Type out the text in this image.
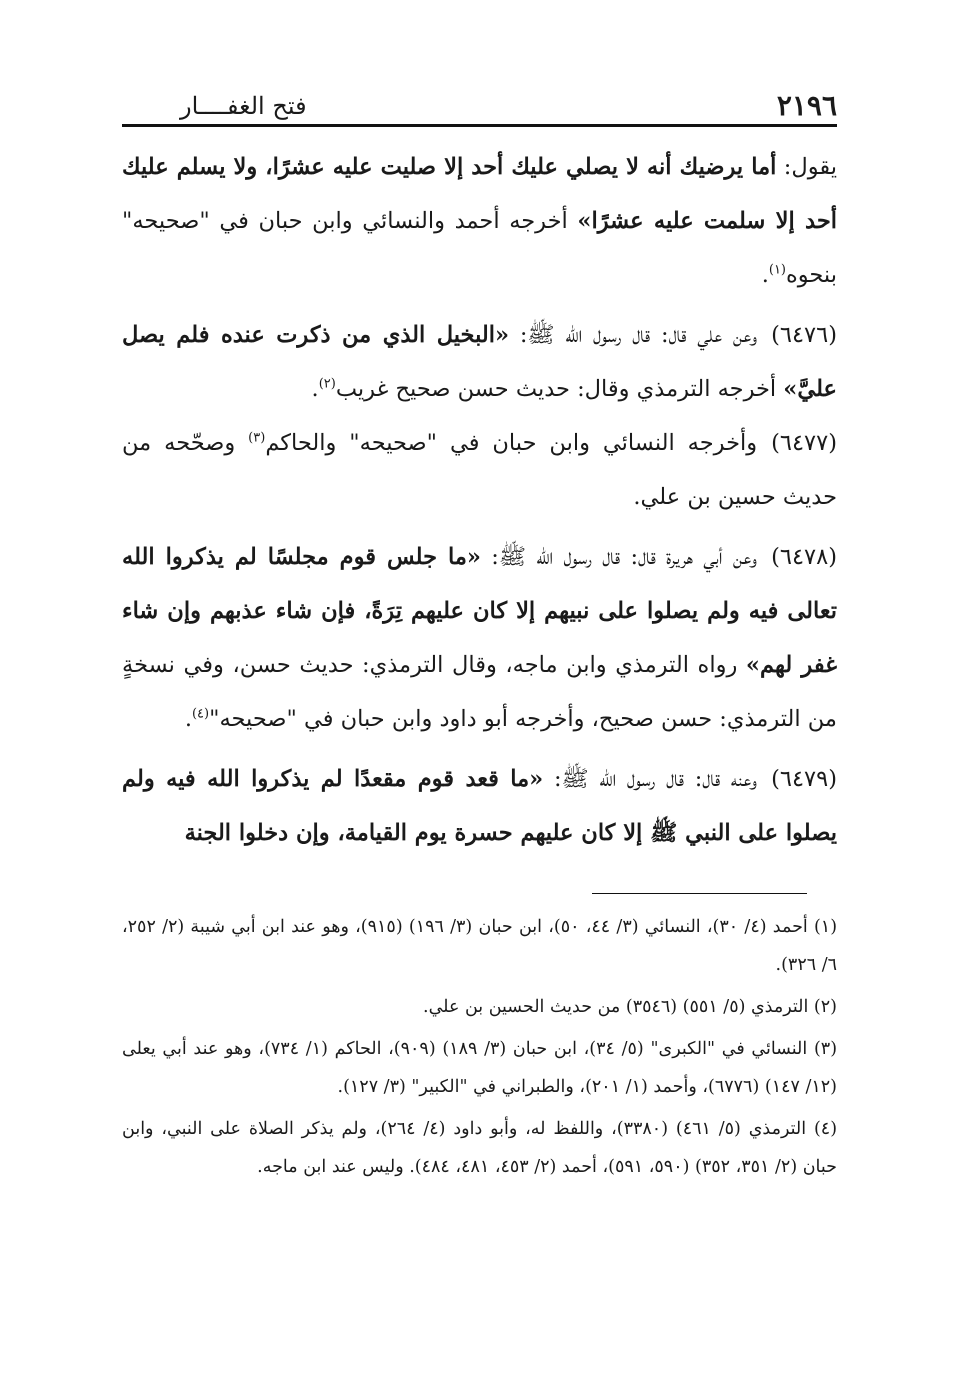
٢١٩٦
فتح الغفــــار

يقول: أما يرضيك أنه لا يصلي عليك أحد إلا صليت عليه عشرًا، ولا يسلم عليك أحد إلا سلمت عليه عشرًا» أخرجه أحمد والنسائي وابن حبان في "صحيحه" بنحوه$^{(١)}$.

(٦٤٧٦)وعن علي قال: قال رسول الله ﷺ: «البخيل الذي من ذكرت عنده فلم يصل عليَّ» أخرجه الترمذي وقال: حديث حسن صحيح غريب$^{(٢)}$.

(٦٤٧٧)وأخرجه النسائي وابن حبان في "صحيحه" والحاكم$^{(٣)}$ وصحّحه من حديث حسين بن علي.

(٦٤٧٨)وعن أبي هريرة قال: قال رسول الله ﷺ: «ما جلس قوم مجلسًا لم يذكروا الله تعالى فيه ولم يصلوا على نبيهم إلا كان عليهم تِرَةً، فإن شاء عذبهم وإن شاء غفر لهم» رواه الترمذي وابن ماجه، وقال الترمذي: حديث حسن، وفي نسخةٍ من الترمذي: حسن صحيح، وأخرجه أبو داود وابن حبان في "صحيحه"$^{(٤)}$.

(٦٤٧٩)وعنه قال: قال رسول الله ﷺ: «ما قعد قوم مقعدًا لم يذكروا الله فيه ولم يصلوا على النبي ﷺ إلا كان عليهم حسرة يوم القيامة، وإن دخلوا الجنة

(١) أحمد (٤/ ٣٠)، النسائي (٣/ ٤٤، ٥٠)، ابن حبان (٣/ ١٩٦) (٩١٥)، وهو عند ابن أبي شيبة (٢/ ٢٥٢، ٦/ ٣٢٦).

(٢) الترمذي (٥/ ٥٥١) (٣٥٤٦) من حديث الحسين بن علي.

(٣) النسائي في "الكبرى" (٥/ ٣٤)، ابن حبان (٣/ ١٨٩) (٩٠٩)، الحاكم (١/ ٧٣٤)، وهو عند أبي يعلى (١٢/ ١٤٧) (٦٧٧٦)، وأحمد (١/ ٢٠١)، والطبراني في "الكبير" (٣/ ١٢٧).

(٤) الترمذي (٥/ ٤٦١) (٣٣٨٠)، واللفظ له، وأبو داود (٤/ ٢٦٤)، ولم يذكر الصلاة على النبي، وابن حبان (٢/ ٣٥١، ٣٥٢) (٥٩٠، ٥٩١)، أحمد (٢/ ٤٥٣، ٤٨١، ٤٨٤). وليس عند ابن ماجه.
